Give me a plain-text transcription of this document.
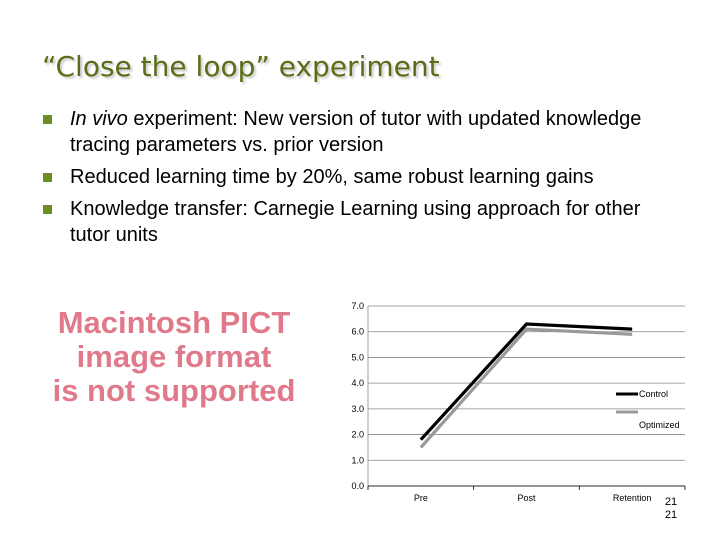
“Close the loop” experiment
In vivo experiment: New version of tutor with updated knowledge tracing parameters vs. prior version
Reduced learning time by 20%, same robust learning gains
Knowledge transfer: Carnegie Learning using approach for other tutor units
Macintosh PICT
image format
is not supported
0.0
1.0
2.0
3.0
4.0
5.0
6.0
7.0
Pre	Post	Retention
Control
Optimized
21
21
